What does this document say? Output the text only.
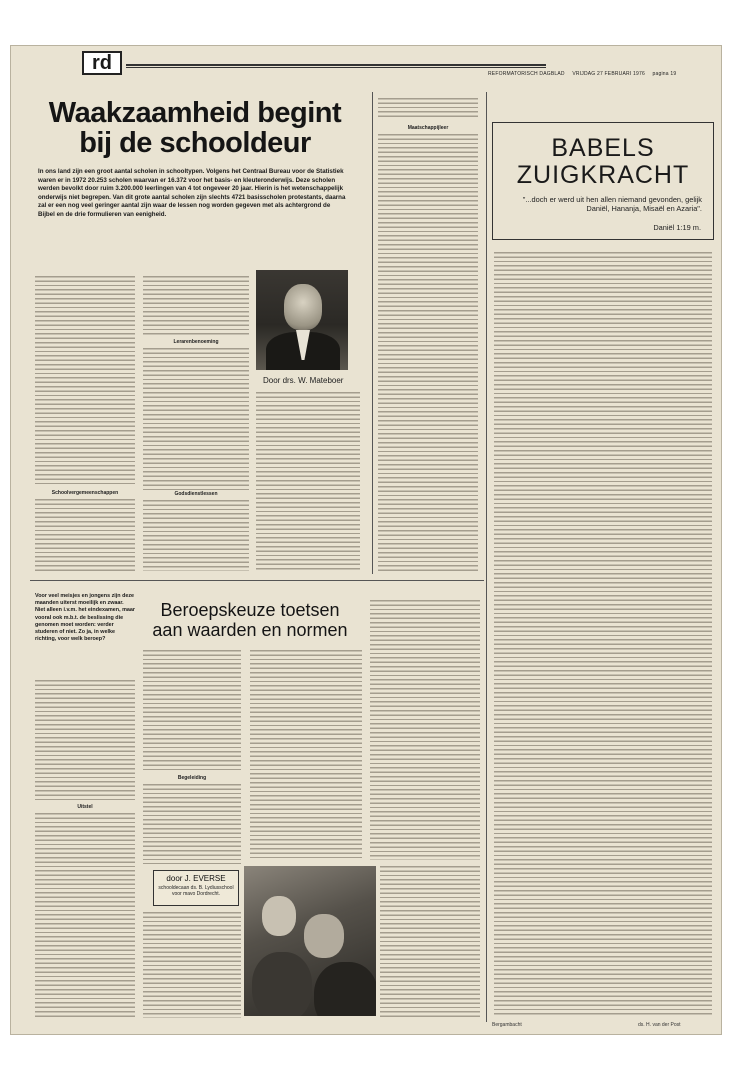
rd	REFORMATORISCH DAGBLAD VRIJDAG 27 FEBRUARI 1976 pagina 19
Waakzaamheid begint
bij de schooldeur
In ons land zijn een groot aantal scholen in schooltypen. Volgens het Centraal Bureau voor de Statistiek waren er in 1972 20.253 scholen waarvan er 16.372 voor het basis- en kleuteronderwijs. Deze scholen werden bevolkt door ruim 3.200.000 leerlingen van 4 tot ongeveer 20 jaar. Hierin is het wetenschappelijk onderwijs niet begrepen. Van dit grote aantal scholen zijn slechts 4721 basisscholen protestants, daarna zal er een nog veel geringer aantal zijn waar de lessen nog worden gegeven met als achtergrond de Bijbel en de drie formulieren van eenigheid.
Schoolvergemeenschappen
Lerarenbenoeming
Godsdienstlessen
Door drs. W. Mateboer
Maatschappijleer
BABELS
ZUIGKRACHT
"...doch er werd uit hen allen niemand gevonden, gelijk Daniël, Hananja, Misaël en Azaria".
Daniël 1:19 m.
Bergambacht	ds. H. van der Post
Voor veel meisjes en jongens zijn deze maanden uiterst moeilijk en zwaar. Niet alleen i.v.m. het eindexamen, maar vooral ook m.b.t. de beslissing die genomen moet worden: verder studeren of niet. Zo ja, in welke richting, voor welk beroep?
Uitstel
Beroepskeuze toetsen
aan waarden en normen
Begeleiding
door J. EVERSE
schooldecaan ds. B. Lydiusschool voor mavo Dordrecht.
